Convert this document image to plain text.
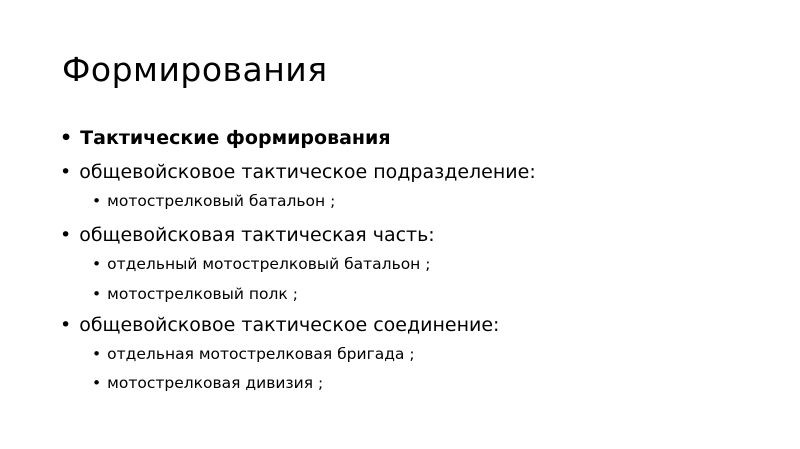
Формирования
• Тактические формирования
• общевойсковое тактическое подразделение:
• мотострелковый батальон ;
• общевойсковая тактическая часть:
• отдельный мотострелковый батальон ;
• мотострелковый полк ;
• общевойсковое тактическое соединение:
• отдельная мотострелковая бригада ;
• мотострелковая дивизия ;
